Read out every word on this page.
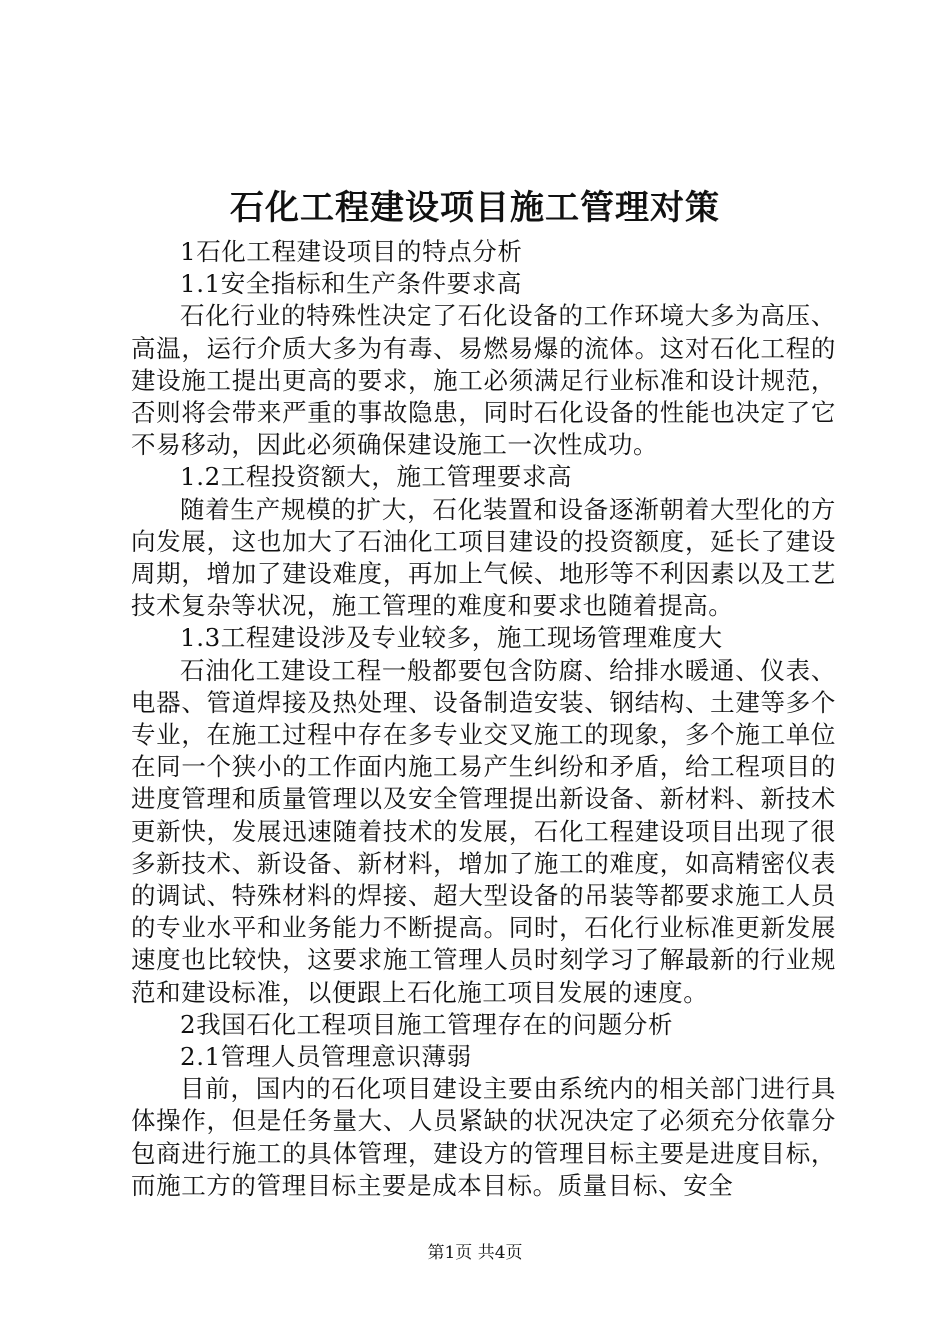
石化工程建设项目施工管理对策
1石化工程建设项目的特点分析
1.1安全指标和生产条件要求高
石化行业的特殊性决定了石化设备的工作环境大多为高压、高温，运行介质大多为有毒、易燃易爆的流体。这对石化工程的建设施工提出更高的要求，施工必须满足行业标准和设计规范，否则将会带来严重的事故隐患，同时石化设备的性能也决定了它不易移动，因此必须确保建设施工一次性成功。
1.2工程投资额大，施工管理要求高
随着生产规模的扩大，石化装置和设备逐渐朝着大型化的方向发展，这也加大了石油化工项目建设的投资额度，延长了建设周期，增加了建设难度，再加上气候、地形等不利因素以及工艺技术复杂等状况，施工管理的难度和要求也随着提高。
1.3工程建设涉及专业较多，施工现场管理难度大
石油化工建设工程一般都要包含防腐、给排水暖通、仪表、电器、管道焊接及热处理、设备制造安装、钢结构、土建等多个专业，在施工过程中存在多专业交叉施工的现象，多个施工单位在同一个狭小的工作面内施工易产生纠纷和矛盾，给工程项目的进度管理和质量管理以及安全管理提出新设备、新材料、新技术更新快，发展迅速随着技术的发展，石化工程建设项目出现了很多新技术、新设备、新材料，增加了施工的难度，如高精密仪表的调试、特殊材料的焊接、超大型设备的吊装等都要求施工人员的专业水平和业务能力不断提高。同时，石化行业标准更新发展速度也比较快，这要求施工管理人员时刻学习了解最新的行业规范和建设标准，以便跟上石化施工项目发展的速度。
2我国石化工程项目施工管理存在的问题分析
2.1管理人员管理意识薄弱
目前，国内的石化项目建设主要由系统内的相关部门进行具体操作，但是任务量大、人员紧缺的状况决定了必须充分依靠分包商进行施工的具体管理，建设方的管理目标主要是进度目标，而施工方的管理目标主要是成本目标。质量目标、安全
第1页 共4页
